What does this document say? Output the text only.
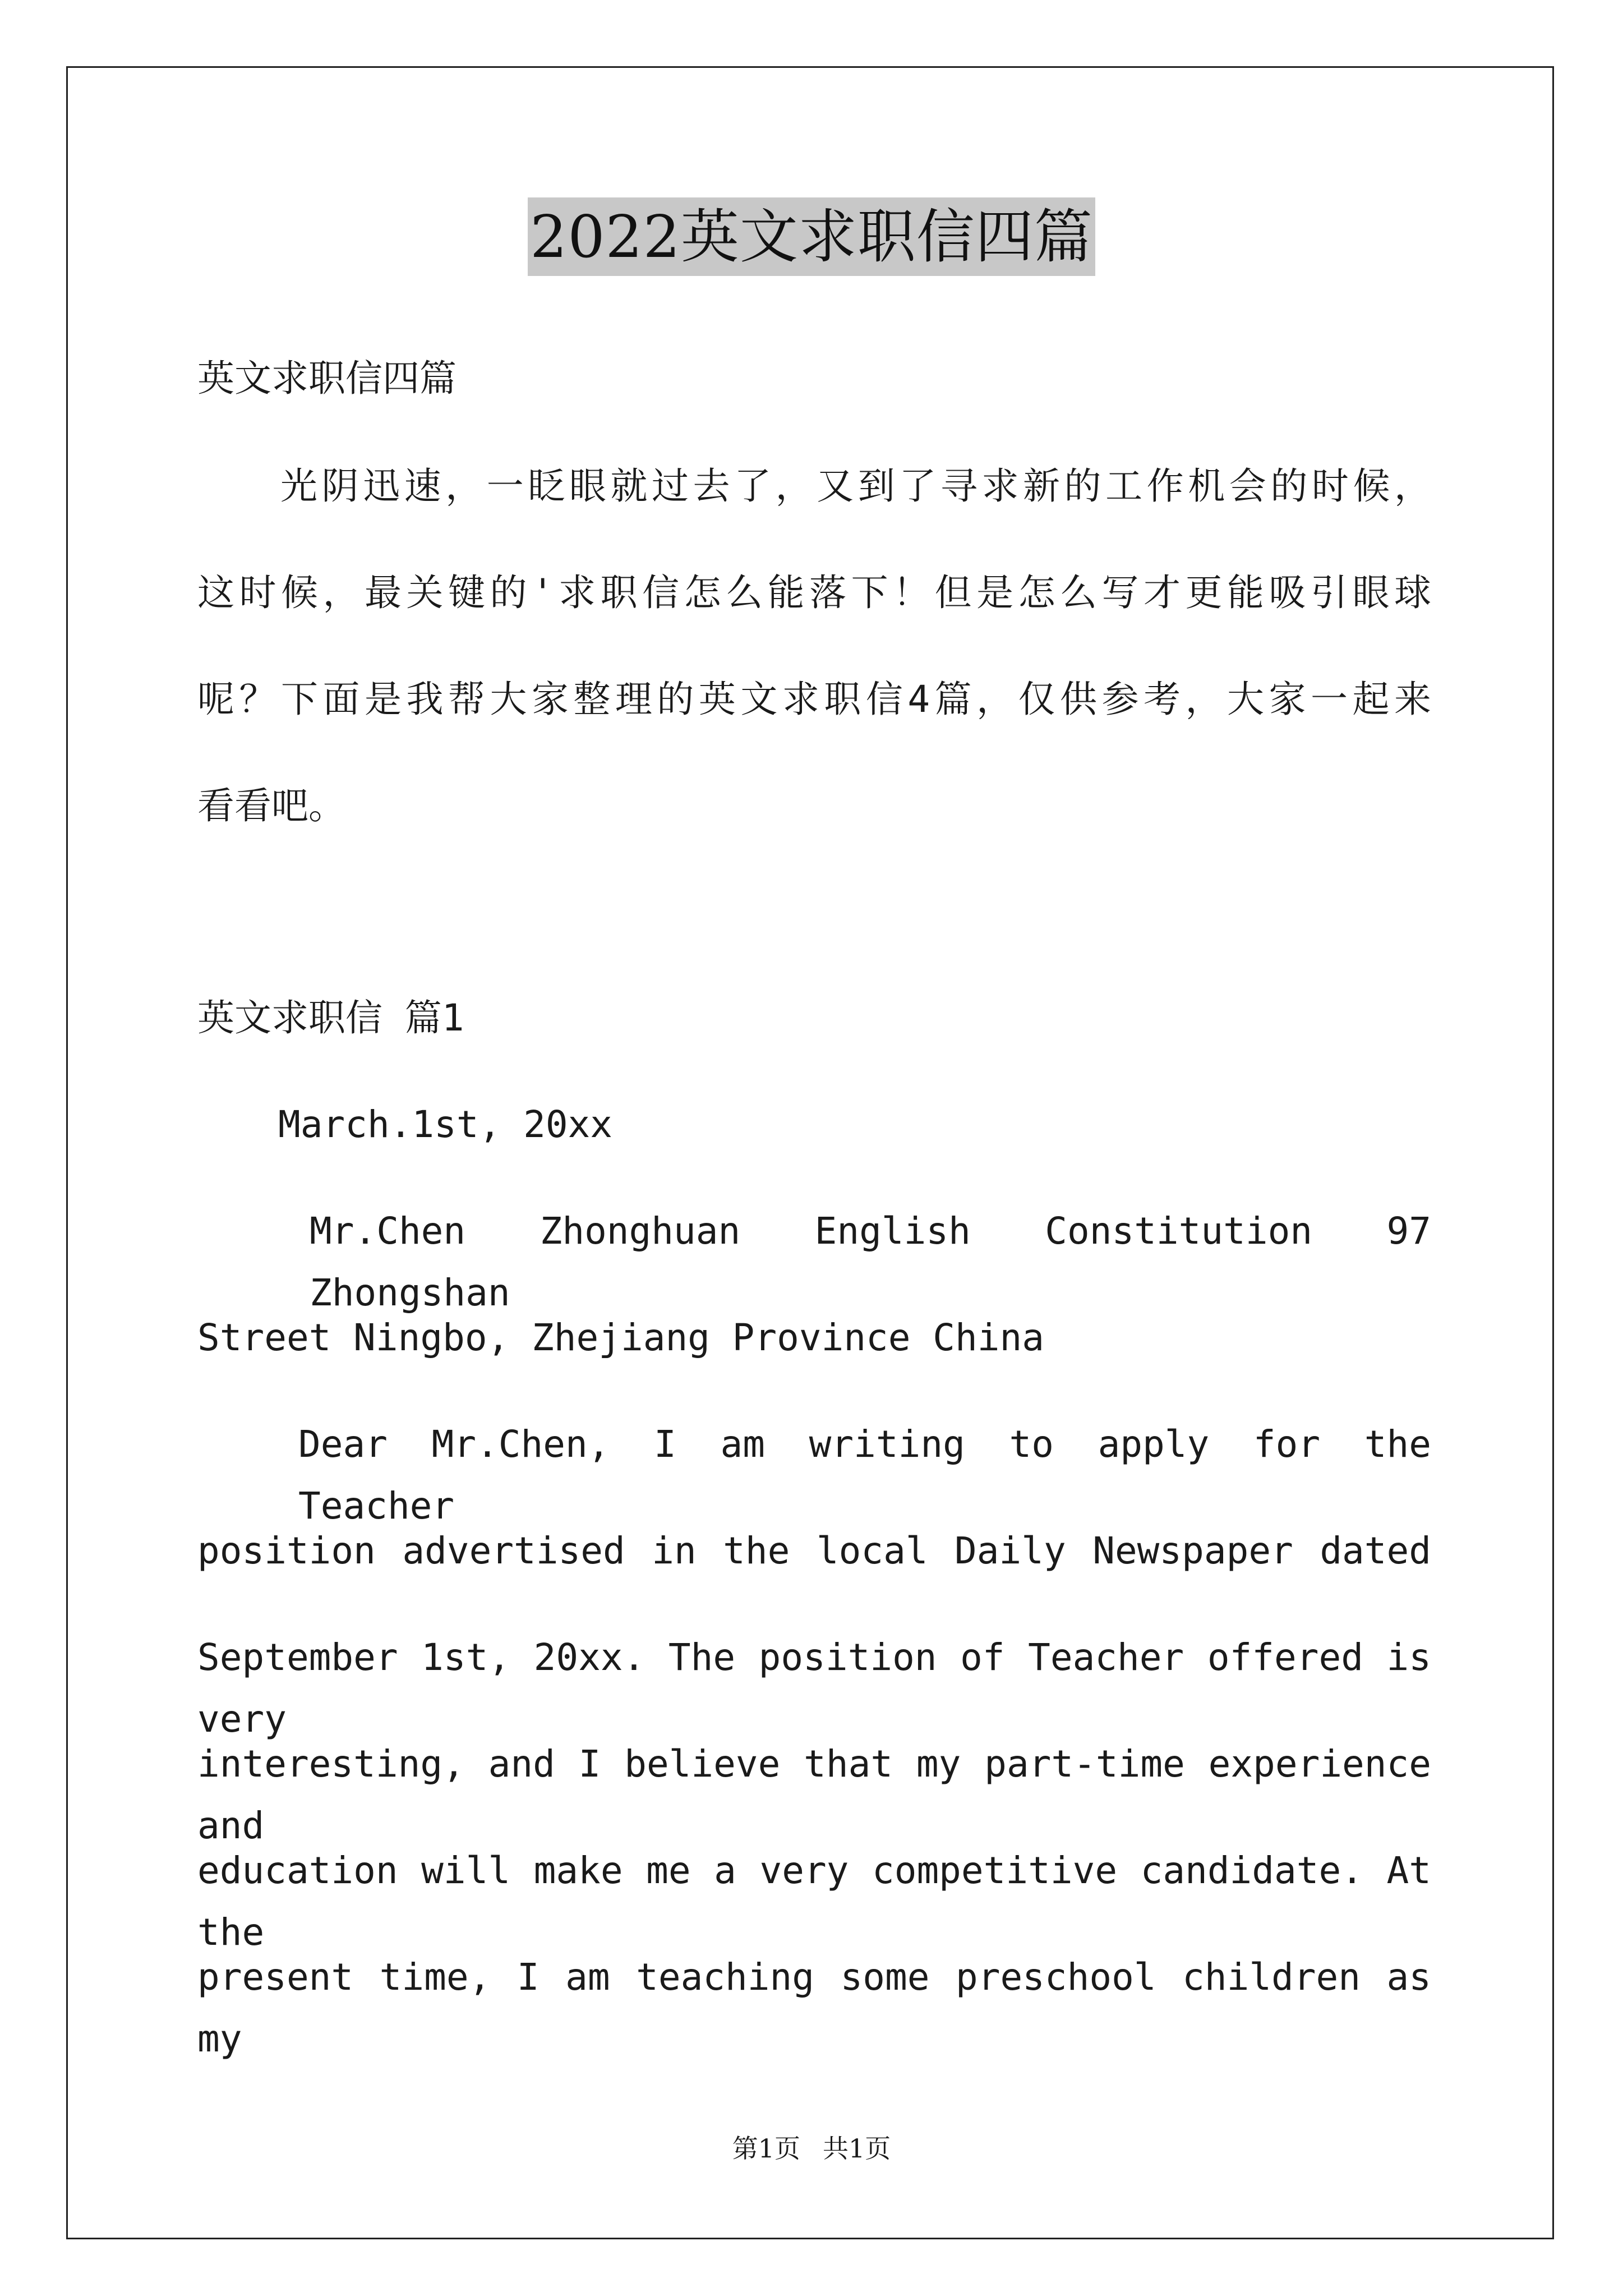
2022英文求职信四篇
英文求职信四篇
光阴迅速，一眨眼就过去了，又到了寻求新的工作机会的时候，
这时候，最关键的'求职信怎么能落下！但是怎么写才更能吸引眼球
呢？下面是我帮大家整理的英文求职信4篇，仅供参考，大家一起来
看看吧。
英文求职信 篇1
March.1st, 20xx
Mr.Chen Zhonghuan English Constitution 97 Zhongshan
Street Ningbo, Zhejiang Province China
Dear Mr.Chen, I am writing to apply for the Teacher
position advertised in the local Daily Newspaper dated
September 1st, 20xx. The position of Teacher offered is very
interesting, and I believe that my part-time experience and
education will make me a very competitive candidate. At the
present time, I am teaching some preschool children as my
第1页 共1页
